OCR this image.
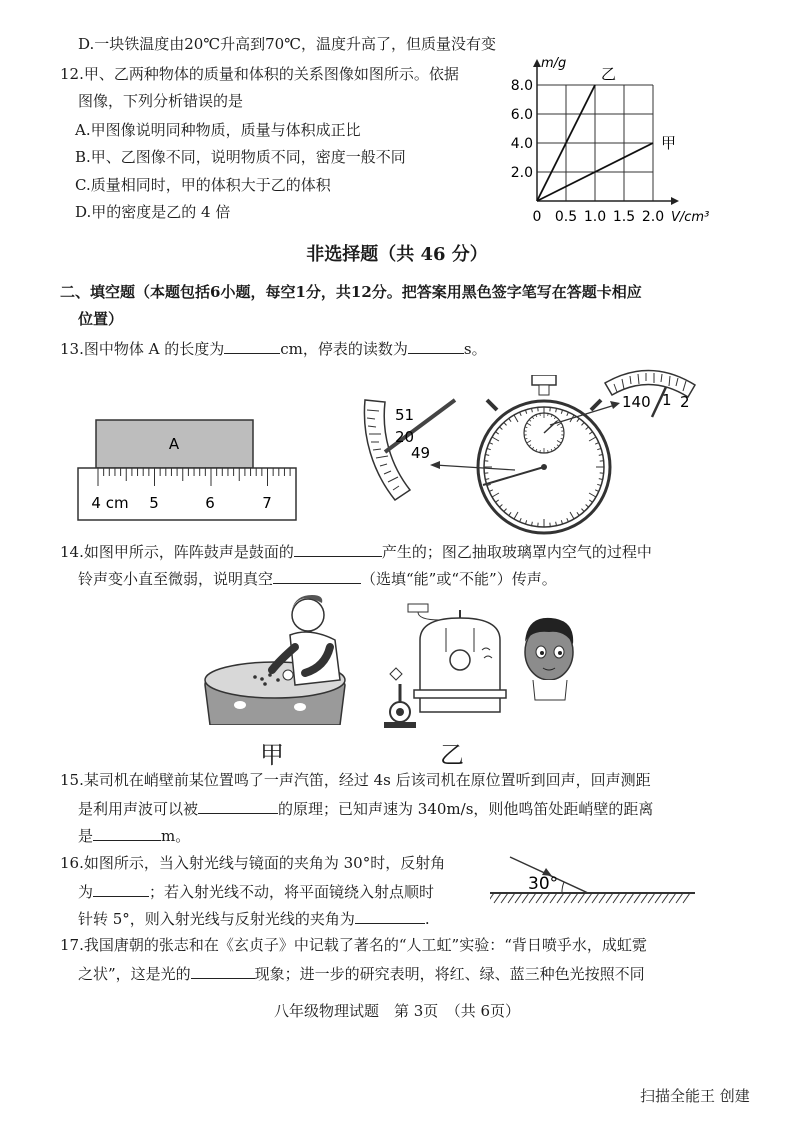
D.一块铁温度由20℃升高到70℃，温度升高了，但质量没有变
12.甲、乙两种物体的质量和体积的关系图像如图所示。依据
图像，下列分析错误的是
A.甲图像说明同种物质，质量与体积成正比
B.甲、乙图像不同，说明物质不同，密度一般不同
C.质量相同时，甲的体积大于乙的体积
D.甲的密度是乙的 4 倍	0 0.5 1.0 1.5 2.0
2.0
4.0
6.0
8.0
V/cm³
m/g
乙
甲
非选择题（共 46 分）
二、填空题（本题包括6小题，每空1分，共12分。把答案用黑色签字笔写在答题卡相应
位置）
13.图中物体 A 的长度为	cm，停表的读数为	s。
A
4 cm 5	6	7
51
20
49
140 1 2
14.如图甲所示，阵阵鼓声是鼓面的	产生的；图乙抽取玻璃罩内空气的过程中
铃声变小直至微弱，说明真空	（选填“能”或“不能”）传声。
甲	乙
15.某司机在峭壁前某位置鸣了一声汽笛，经过 4s 后该司机在原位置听到回声，回声测距
是利用声波可以被	的原理；已知声速为 340m/s，则他鸣笛处距峭壁的距离
是	m。
16.如图所示，当入射光线与镜面的夹角为 30°时，反射角
为	；若入射光线不动，将平面镜绕入射点顺时
针转 5°，则入射光线与反射光线的夹角为	.
30°
17.我国唐朝的张志和在《玄贞子》中记载了著名的“人工虹”实验：“背日喷乎水，成虹霓
之状”，这是光的	现象；进一步的研究表明，将红、绿、蓝三种色光按照不同
八年级物理试题　第 3页　（共 6页）
扫描全能王 创建
